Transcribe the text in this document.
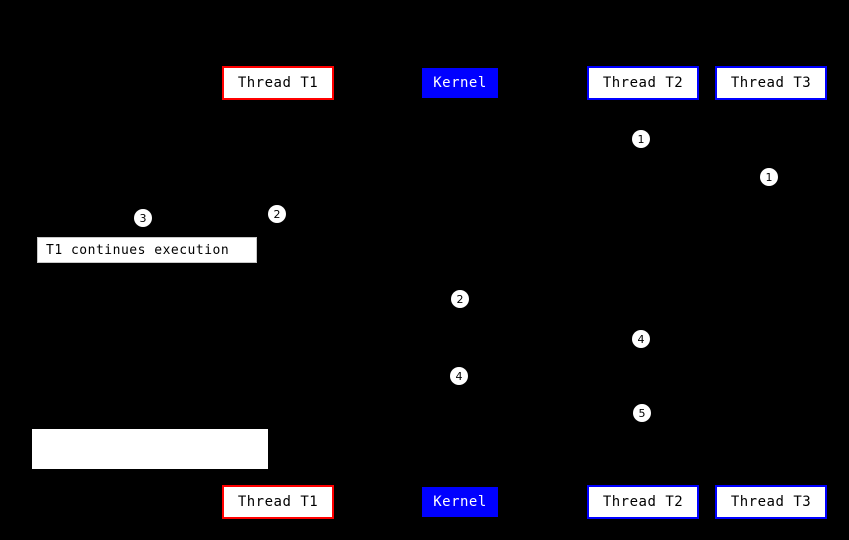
Thread T1	Kernel	Thread T2	Thread T3
Thread T1	Kernel	Thread T2	Thread T3
T1 continues execution
1
1
3	2
2
4
4
5
